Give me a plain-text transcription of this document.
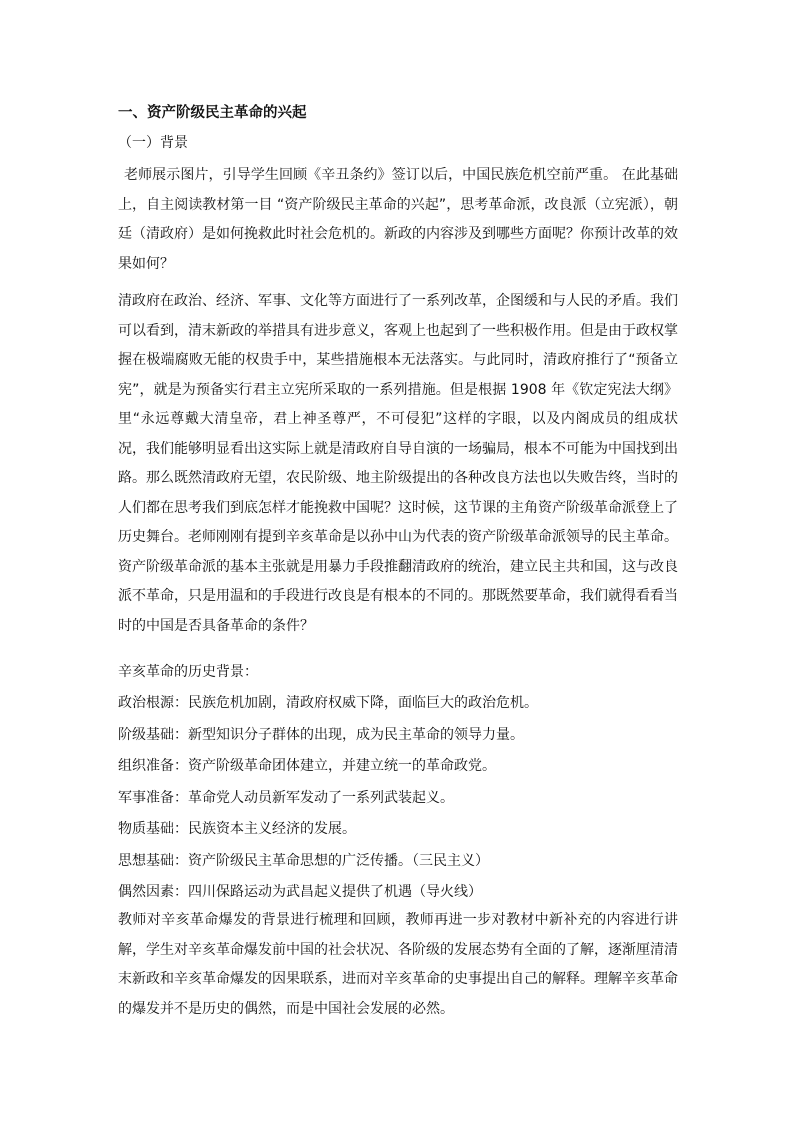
一、资产阶级民主革命的兴起
（一）背景

老师展示图片，引导学生回顾《辛丑条约》签订以后，中国民族危机空前严重。 在此基础上，自主阅读教材第一目 “资产阶级民主革命的兴起”，思考革命派，改良派（立宪派），朝廷（清政府）是如何挽救此时社会危机的。新政的内容涉及到哪些方面呢？你预计改革的效果如何？

清政府在政治、经济、军事、文化等方面进行了一系列改革，企图缓和与人民的矛盾。我们可以看到，清末新政的举措具有进步意义，客观上也起到了一些积极作用。但是由于政权掌握在极端腐败无能的权贵手中，某些措施根本无法落实。与此同时，清政府推行了“预备立宪”，就是为预备实行君主立宪所采取的一系列措施。但是根据 1908 年《钦定宪法大纲》里“永远尊戴大清皇帝，君上神圣尊严，不可侵犯”这样的字眼，以及内阁成员的组成状况，我们能够明显看出这实际上就是清政府自导自演的一场骗局，根本不可能为中国找到出路。那么既然清政府无望，农民阶级、地主阶级提出的各种改良方法也以失败告终，当时的人们都在思考我们到底怎样才能挽救中国呢？这时候，这节课的主角资产阶级革命派登上了历史舞台。老师刚刚有提到辛亥革命是以孙中山为代表的资产阶级革命派领导的民主革命。资产阶级革命派的基本主张就是用暴力手段推翻清政府的统治，建立民主共和国，这与改良派不革命，只是用温和的手段进行改良是有根本的不同的。那既然要革命，我们就得看看当时的中国是否具备革命的条件？

辛亥革命的历史背景：
政治根源：民族危机加剧，清政府权威下降，面临巨大的政治危机。
阶级基础：新型知识分子群体的出现，成为民主革命的领导力量。
组织准备：资产阶级革命团体建立，并建立统一的革命政党。
军事准备：革命党人动员新军发动了一系列武装起义。
物质基础：民族资本主义经济的发展。
思想基础：资产阶级民主革命思想的广泛传播。（三民主义）
偶然因素：四川保路运动为武昌起义提供了机遇（导火线）

教师对辛亥革命爆发的背景进行梳理和回顾，教师再进一步对教材中新补充的内容进行讲解，学生对辛亥革命爆发前中国的社会状况、各阶级的发展态势有全面的了解，逐渐厘清清末新政和辛亥革命爆发的因果联系，进而对辛亥革命的史事提出自己的解释。理解辛亥革命的爆发并不是历史的偶然，而是中国社会发展的必然。
